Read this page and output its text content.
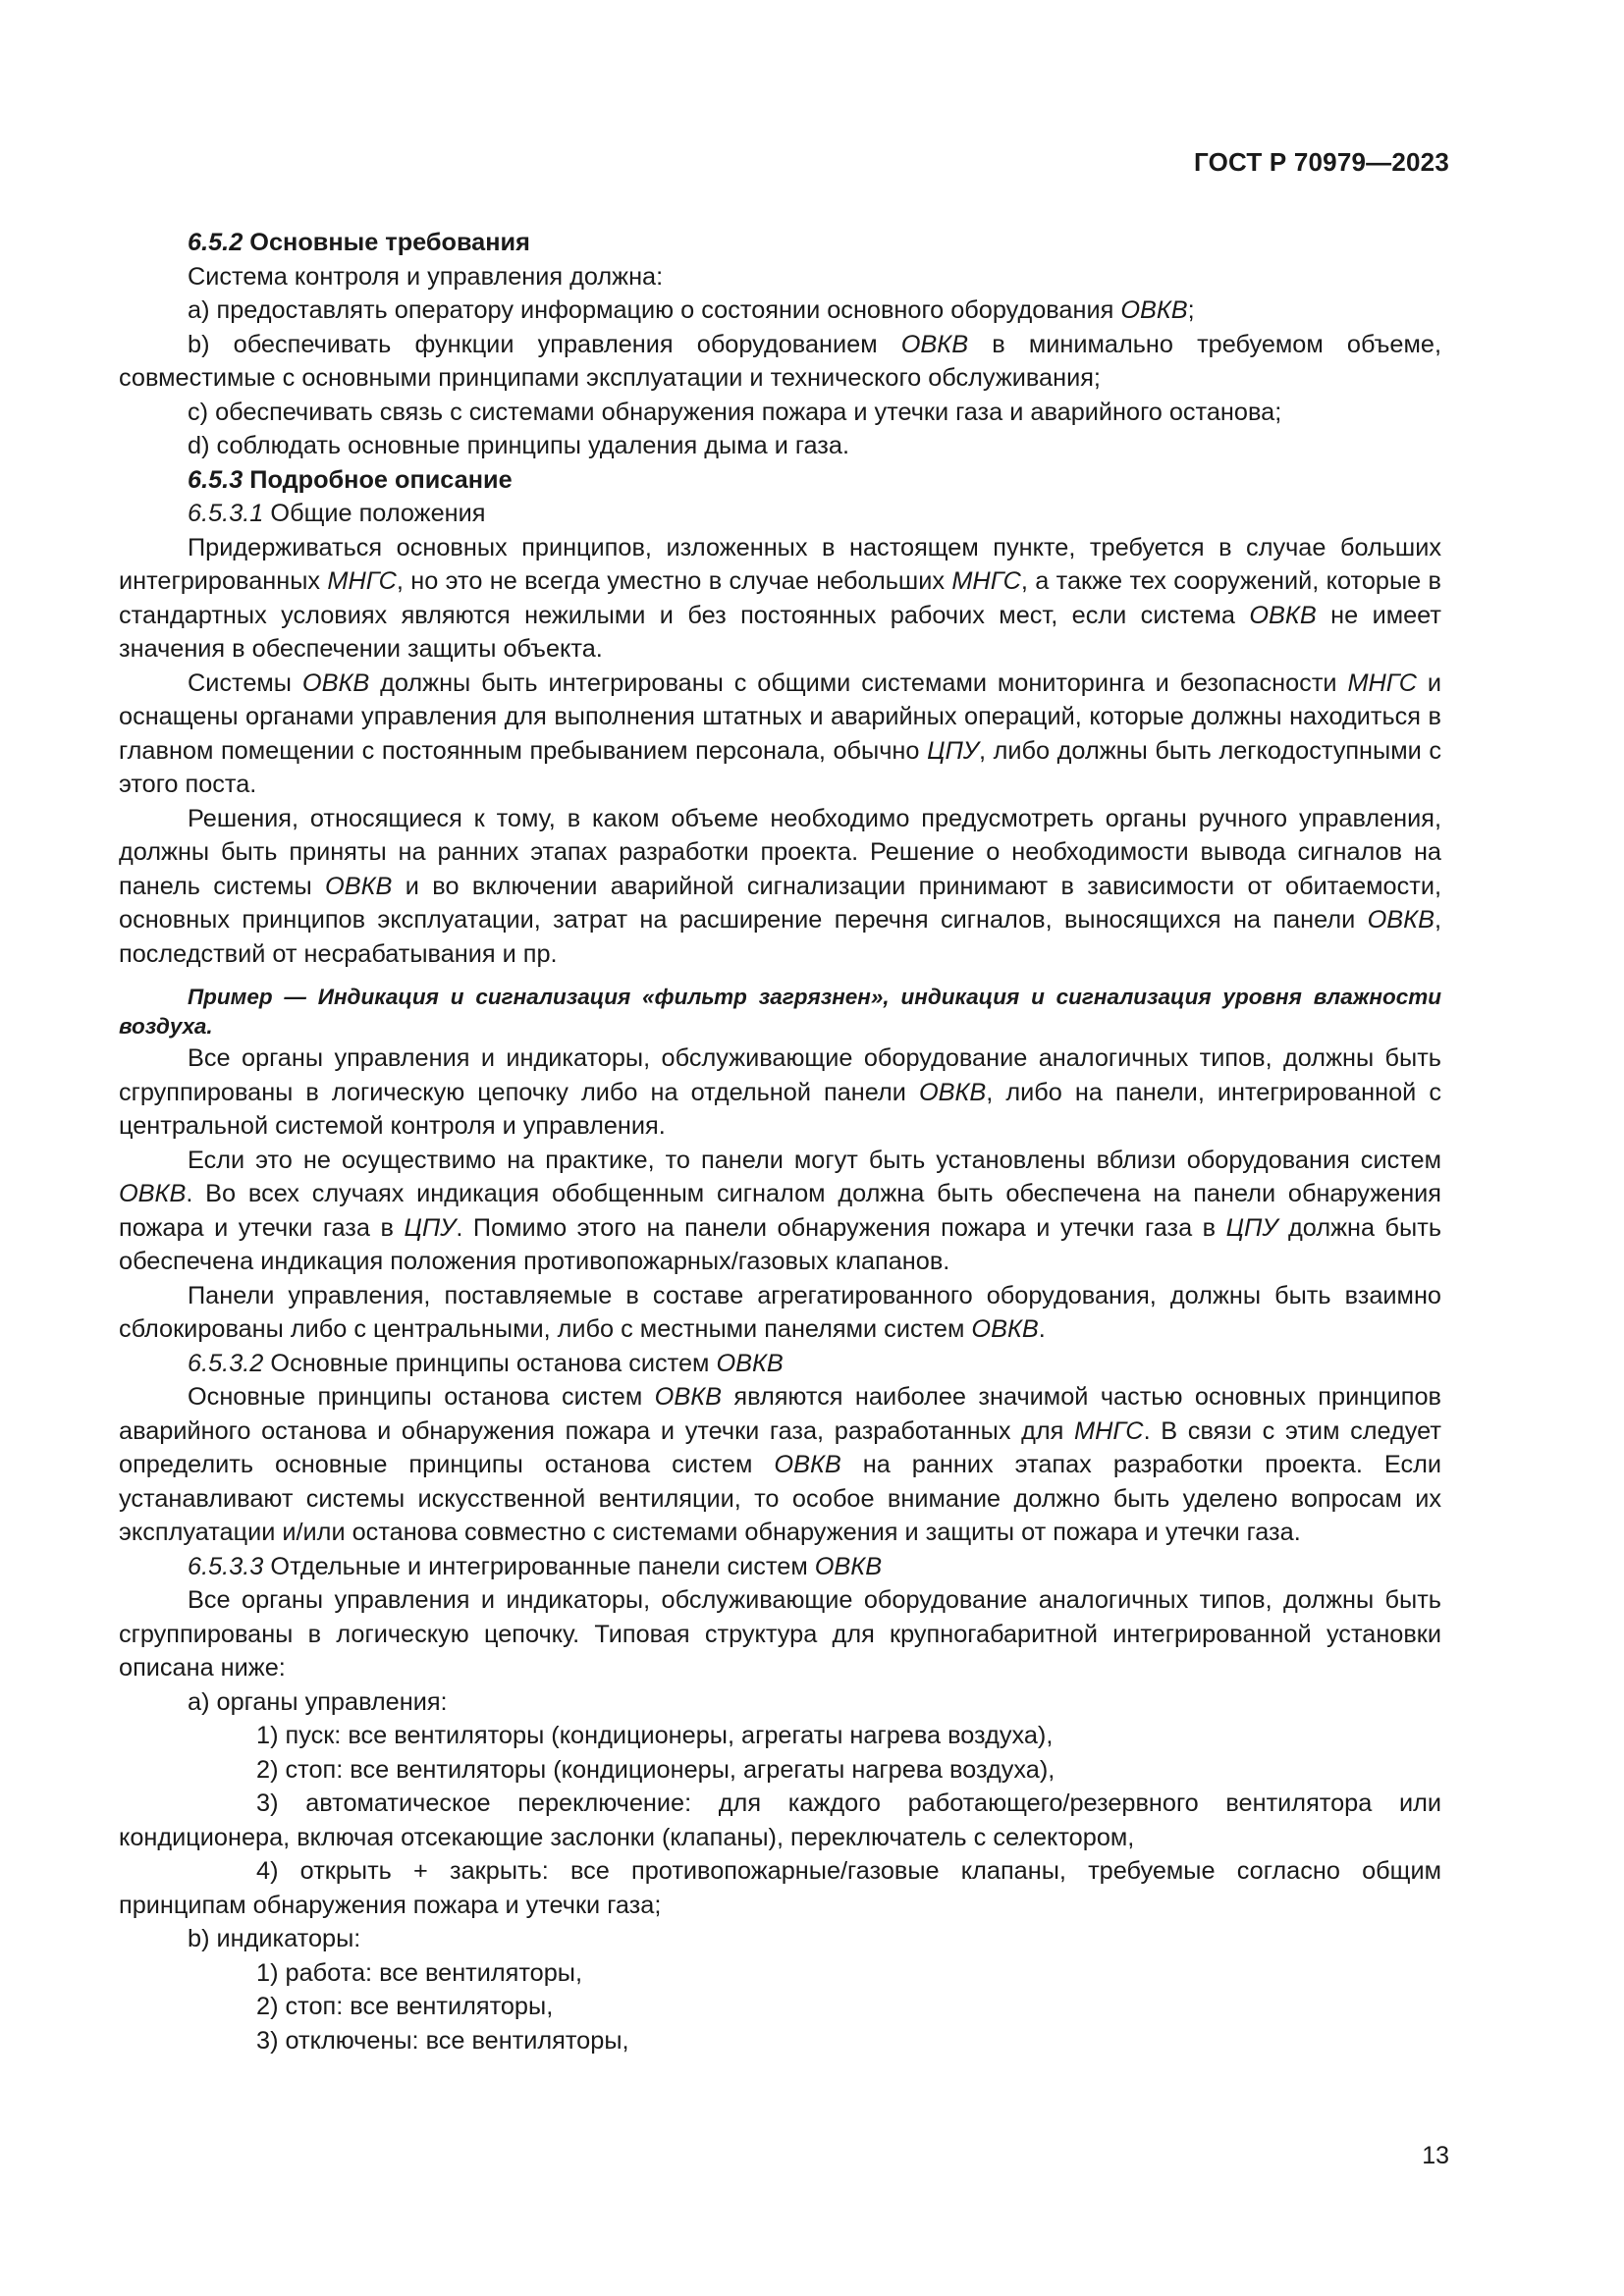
ГОСТ Р 70979—2023

6.5.2 Основные требования

Система контроля и управления должна:

a) предоставлять оператору информацию о состоянии основного оборудования ОВКВ;

b) обеспечивать функции управления оборудованием ОВКВ в минимально требуемом объеме, совместимые с основными принципами эксплуатации и технического обслуживания;

c) обеспечивать связь с системами обнаружения пожара и утечки газа и аварийного останова;

d) соблюдать основные принципы удаления дыма и газа.

6.5.3 Подробное описание

6.5.3.1 Общие положения

Придерживаться основных принципов, изложенных в настоящем пункте, требуется в случае больших интегрированных МНГС, но это не всегда уместно в случае небольших МНГС, а также тех сооружений, которые в стандартных условиях являются нежилыми и без постоянных рабочих мест, если система ОВКВ не имеет значения в обеспечении защиты объекта.

Системы ОВКВ должны быть интегрированы с общими системами мониторинга и безопасности МНГС и оснащены органами управления для выполнения штатных и аварийных операций, которые должны находиться в главном помещении с постоянным пребыванием персонала, обычно ЦПУ, либо должны быть легкодоступными с этого поста.

Решения, относящиеся к тому, в каком объеме необходимо предусмотреть органы ручного управления, должны быть приняты на ранних этапах разработки проекта. Решение о необходимости вывода сигналов на панель системы ОВКВ и во включении аварийной сигнализации принимают в зависимости от обитаемости, основных принципов эксплуатации, затрат на расширение перечня сигналов, выносящихся на панели ОВКВ, последствий от несрабатывания и пр.

Пример — Индикация и сигнализация «фильтр загрязнен», индикация и сигнализация уровня влажности воздуха.

Все органы управления и индикаторы, обслуживающие оборудование аналогичных типов, должны быть сгруппированы в логическую цепочку либо на отдельной панели ОВКВ, либо на панели, интегрированной с центральной системой контроля и управления.

Если это не осуществимо на практике, то панели могут быть установлены вблизи оборудования систем ОВКВ. Во всех случаях индикация обобщенным сигналом должна быть обеспечена на панели обнаружения пожара и утечки газа в ЦПУ. Помимо этого на панели обнаружения пожара и утечки газа в ЦПУ должна быть обеспечена индикация положения противопожарных/газовых клапанов.

Панели управления, поставляемые в составе агрегатированного оборудования, должны быть взаимно сблокированы либо с центральными, либо с местными панелями систем ОВКВ.

6.5.3.2 Основные принципы останова систем ОВКВ

Основные принципы останова систем ОВКВ являются наиболее значимой частью основных принципов аварийного останова и обнаружения пожара и утечки газа, разработанных для МНГС. В связи с этим следует определить основные принципы останова систем ОВКВ на ранних этапах разработки проекта. Если устанавливают системы искусственной вентиляции, то особое внимание должно быть уделено вопросам их эксплуатации и/или останова совместно с системами обнаружения и защиты от пожара и утечки газа.

6.5.3.3 Отдельные и интегрированные панели систем ОВКВ

Все органы управления и индикаторы, обслуживающие оборудование аналогичных типов, должны быть сгруппированы в логическую цепочку. Типовая структура для крупногабаритной интегрированной установки описана ниже:

a) органы управления:

1) пуск: все вентиляторы (кондиционеры, агрегаты нагрева воздуха),

2) стоп: все вентиляторы (кондиционеры, агрегаты нагрева воздуха),

3) автоматическое переключение: для каждого работающего/резервного вентилятора или кондиционера, включая отсекающие заслонки (клапаны), переключатель с селектором,

4) открыть + закрыть: все противопожарные/газовые клапаны, требуемые согласно общим принципам обнаружения пожара и утечки газа;

b) индикаторы:

1) работа: все вентиляторы,

2) стоп: все вентиляторы,

3) отключены: все вентиляторы,

13
